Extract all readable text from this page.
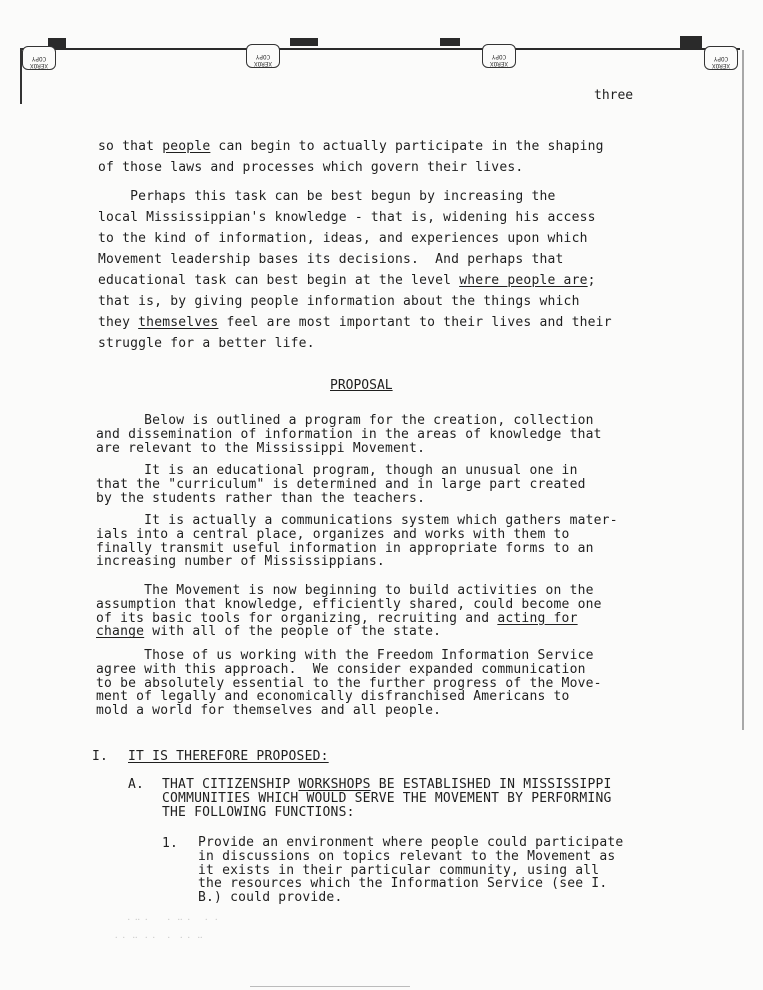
XEROX COPY
XEROX COPY
XEROX COPY
XEROX COPY
three
so that people can begin to actually participate in the shaping
of those laws and processes which govern their lives.
Perhaps this task can be best begun by increasing the
local Mississippian's knowledge - that is, widening his access
to the kind of information, ideas, and experiences upon which
Movement leadership bases its decisions.  And perhaps that
educational task can best begin at the level where people are;
that is, by giving people information about the things which
they themselves feel are most important to their lives and their
struggle for a better life.
PROPOSAL
Below is outlined a program for the creation, collection
and dissemination of information in the areas of knowledge that
are relevant to the Mississippi Movement.
It is an educational program, though an unusual one in
that the "curriculum" is determined and in large part created
by the students rather than the teachers.
It is actually a communications system which gathers mater-
ials into a central place, organizes and works with them to
finally transmit useful information in appropriate forms to an
increasing number of Mississippians.
The Movement is now beginning to build activities on the
assumption that knowledge, efficiently shared, could become one
of its basic tools for organizing, recruiting and acting for
change with all of the people of the state.
Those of us working with the Freedom Information Service
agree with this approach.  We consider expanded communication
to be absolutely essential to the further progress of the Move-
ment of legally and economically disfranchised Americans to
mold a world for themselves and all people.
I. IT IS THEREFORE PROPOSED:
A. THAT CITIZENSHIP WORKSHOPS BE ESTABLISHED IN MISSISSIPPI
COMMUNITIES WHICH WOULD SERVE THE MOVEMENT BY PERFORMING
THE FOLLOWING FUNCTIONS:
1. Provide an environment where people could participate
in discussions on topics relevant to the Movement as
it exists in their particular community, using all
the resources which the Information Service (see I.
B.) could provide.
.  ..  .        .   ..  .      .   .
.  .   ..   .  .     .    .  .   ..
